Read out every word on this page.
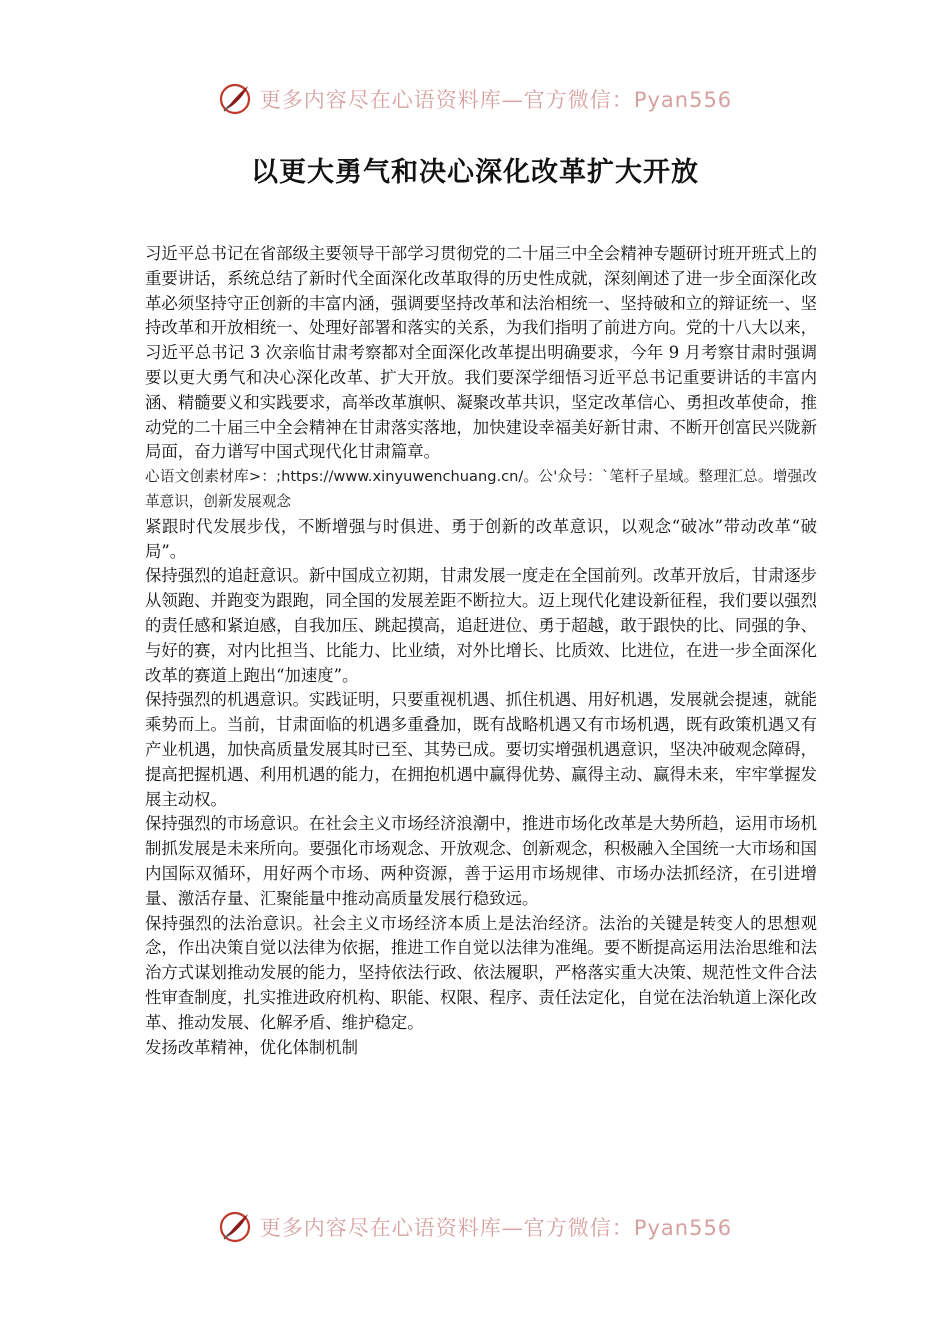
更多内容尽在心语资料库—官方微信：Pyan556
以更大勇气和决心深化改革扩大开放

习近平总书记在省部级主要领导干部学习贯彻党的二十届三中全会精神专题研讨班开班式上的重要讲话，系统总结了新时代全面深化改革取得的历史性成就，深刻阐述了进一步全面深化改革必须坚持守正创新的丰富内涵，强调要坚持改革和法治相统一、坚持破和立的辩证统一、坚持改革和开放相统一、处理好部署和落实的关系，为我们指明了前进方向。党的十八大以来，习近平总书记 3 次亲临甘肃考察都对全面深化改革提出明确要求，今年 9 月考察甘肃时强调要以更大勇气和决心深化改革、扩大开放。我们要深学细悟习近平总书记重要讲话的丰富内涵、精髓要义和实践要求，高举改革旗帜、凝聚改革共识，坚定改革信心、勇担改革使命，推动党的二十届三中全会精神在甘肃落实落地，加快建设幸福美好新甘肃、不断开创富民兴陇新局面，奋力谱写中国式现代化甘肃篇章。

心语文创素材库>：;https://www.xinyuwenchuang.cn/。公'众号：`笔杆子星域。整理汇总。增强改革意识，创新发展观念

紧跟时代发展步伐，不断增强与时俱进、勇于创新的改革意识，以观念“破冰”带动改革“破局”。

保持强烈的追赶意识。新中国成立初期，甘肃发展一度走在全国前列。改革开放后，甘肃逐步从领跑、并跑变为跟跑，同全国的发展差距不断拉大。迈上现代化建设新征程，我们要以强烈的责任感和紧迫感，自我加压、跳起摸高，追赶进位、勇于超越，敢于跟快的比、同强的争、与好的赛，对内比担当、比能力、比业绩，对外比增长、比质效、比进位，在进一步全面深化改革的赛道上跑出“加速度”。

保持强烈的机遇意识。实践证明，只要重视机遇、抓住机遇、用好机遇，发展就会提速，就能乘势而上。当前，甘肃面临的机遇多重叠加，既有战略机遇又有市场机遇，既有政策机遇又有产业机遇，加快高质量发展其时已至、其势已成。要切实增强机遇意识，坚决冲破观念障碍，提高把握机遇、利用机遇的能力，在拥抱机遇中赢得优势、赢得主动、赢得未来，牢牢掌握发展主动权。

保持强烈的市场意识。在社会主义市场经济浪潮中，推进市场化改革是大势所趋，运用市场机制抓发展是未来所向。要强化市场观念、开放观念、创新观念，积极融入全国统一大市场和国内国际双循环，用好两个市场、两种资源，善于运用市场规律、市场办法抓经济，在引进增量、激活存量、汇聚能量中推动高质量发展行稳致远。

保持强烈的法治意识。社会主义市场经济本质上是法治经济。法治的关键是转变人的思想观念，作出决策自觉以法律为依据，推进工作自觉以法律为准绳。要不断提高运用法治思维和法治方式谋划推动发展的能力，坚持依法行政、依法履职，严格落实重大决策、规范性文件合法性审查制度，扎实推进政府机构、职能、权限、程序、责任法定化，自觉在法治轨道上深化改革、推动发展、化解矛盾、维护稳定。

发扬改革精神，优化体制机制

更多内容尽在心语资料库—官方微信：Pyan556
